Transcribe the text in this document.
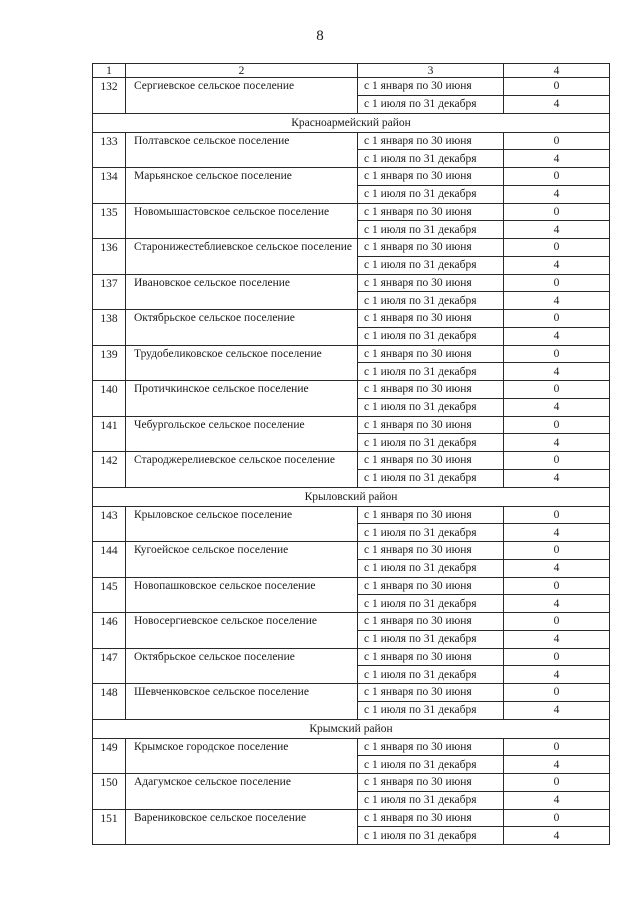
8
1	2	3	4
132	Сергиевское сельское поселение	с 1 января по 30 июня	0
		с 1 июля по 31 декабря	4
Красноармейский район			
133	Полтавское сельское поселение	с 1 января по 30 июня	0
		с 1 июля по 31 декабря	4
134	Марьянское сельское поселение	с 1 января по 30 июня	0
		с 1 июля по 31 декабря	4
135	Новомышастовское сельское поселение	с 1 января по 30 июня	0
		с 1 июля по 31 декабря	4
136	Старонижестеблиевское сельское поселение	с 1 января по 30 июня	0
		с 1 июля по 31 декабря	4
137	Ивановское сельское поселение	с 1 января по 30 июня	0
		с 1 июля по 31 декабря	4
138	Октябрьское сельское поселение	с 1 января по 30 июня	0
		с 1 июля по 31 декабря	4
139	Трудобеликовское сельское поселение	с 1 января по 30 июня	0
		с 1 июля по 31 декабря	4
140	Протичкинское сельское поселение	с 1 января по 30 июня	0
		с 1 июля по 31 декабря	4
141	Чебургольское сельское поселение	с 1 января по 30 июня	0
		с 1 июля по 31 декабря	4
142	Староджерелиевское сельское поселение	с 1 января по 30 июня	0
		с 1 июля по 31 декабря	4
Крыловский район			
143	Крыловское сельское поселение	с 1 января по 30 июня	0
		с 1 июля по 31 декабря	4
144	Кугоейское сельское поселение	с 1 января по 30 июня	0
		с 1 июля по 31 декабря	4
145	Новопашковское сельское поселение	с 1 января по 30 июня	0
		с 1 июля по 31 декабря	4
146	Новосергиевское сельское поселение	с 1 января по 30 июня	0
		с 1 июля по 31 декабря	4
147	Октябрьское сельское поселение	с 1 января по 30 июня	0
		с 1 июля по 31 декабря	4
148	Шевченковское сельское поселение	с 1 января по 30 июня	0
		с 1 июля по 31 декабря	4
Крымский район			
149	Крымское городское поселение	с 1 января по 30 июня	0
		с 1 июля по 31 декабря	4
150	Адагумское сельское поселение	с 1 января по 30 июня	0
		с 1 июля по 31 декабря	4
151	Варениковское сельское поселение	с 1 января по 30 июня	0
		с 1 июля по 31 декабря	4
